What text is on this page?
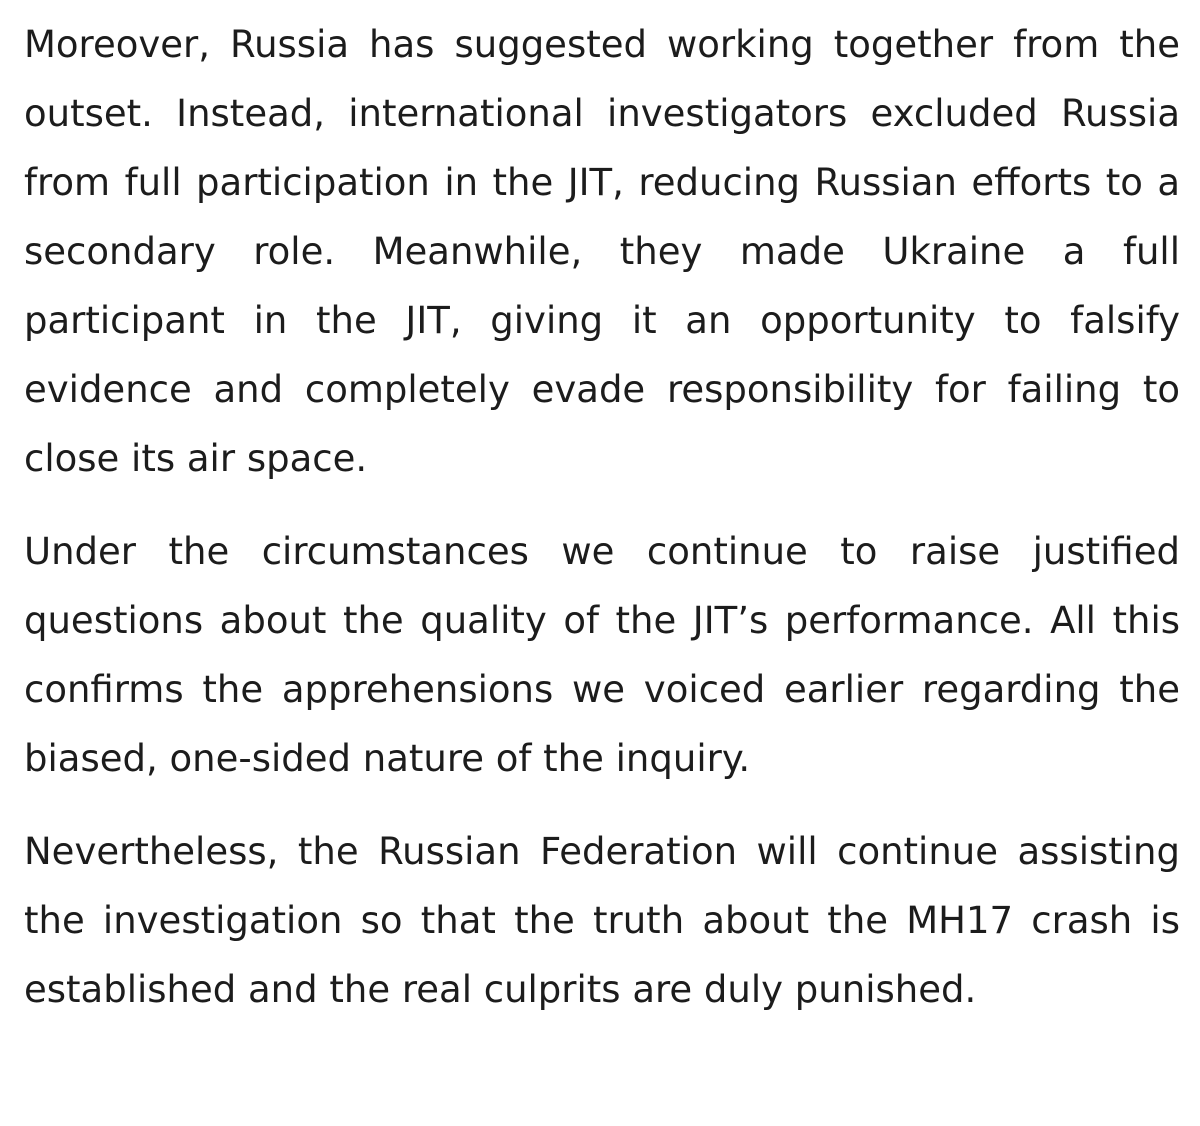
Moreover, Russia has suggested working together from the outset. Instead, international investigators excluded Russia from full participation in the JIT, reducing Russian efforts to a secondary role. Meanwhile, they made Ukraine a full participant in the JIT, giving it an opportunity to falsify evidence and completely evade responsibility for failing to close its air space.

Under the circumstances we continue to raise justified questions about the quality of the JIT’s performance. All this confirms the apprehensions we voiced earlier regarding the biased, one-sided nature of the inquiry.

Nevertheless, the Russian Federation will continue assisting the investigation so that the truth about the MH17 crash is established and the real culprits are duly punished.
